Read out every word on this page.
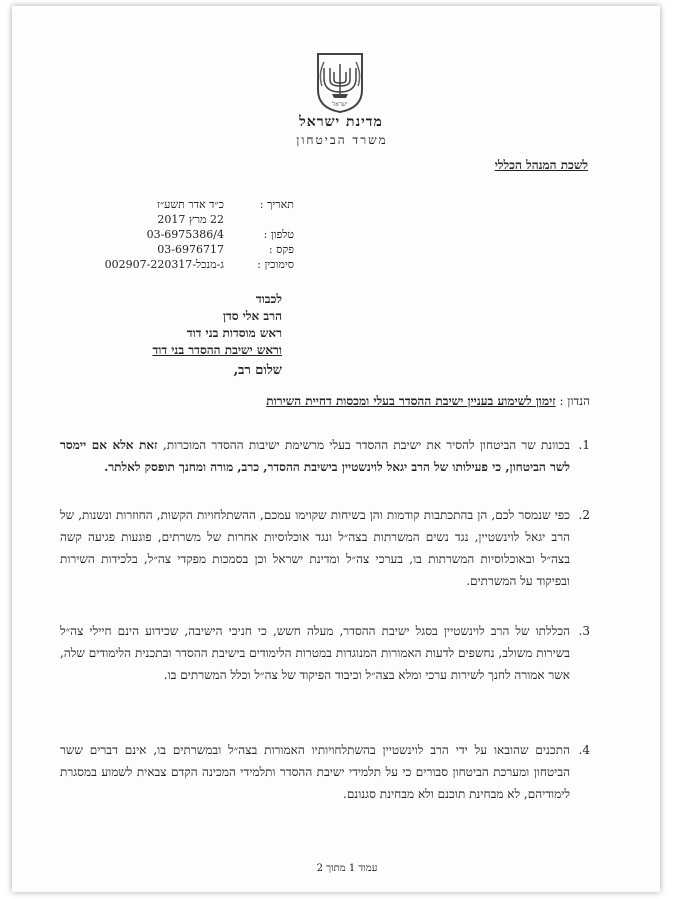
ישראל
מדינת ישראל
משרד הביטחון
לשכת המנהל הכללי
תאריך :
כ״ד אדר תשע״ז
22 מרץ 2017
טלפון :
03-6975386/4
פקס :
03-6976717
סימוכין :
ג-מנכל-002907-220317
לכבוד
הרב אלי סדן
ראש מוסדות בני דוד
וראש ישיבת ההסדר בני דוד
שלום רב,
הנדון : זימון לשימוע בעניין ישיבת ההסדר בעלי ומכסות דחיית השירות
1.
בכוונת שר הביטחון להסיר את ישיבת ההסדר בעלי מרשימת ישיבות ההסדר המוכרות, זאת אלא אם יימסר לשר הביטחון, כי פעילותו של הרב יגאל לוינשטיין בישיבת ההסדר, כרב, מורה ומחנך תופסק לאלתר.
2.
כפי שנמסר לכם, הן בהתכתבות קודמות והן בשיחות שקוימו עמכם, ההשתלחויות הקשות, החוזרות ונשנות, של הרב יגאל לוינשטיין, נגד נשים המשרתות בצה״ל ונגד אוכלוסיות אחרות של משרתים, פוגעות פגיעה קשה בצה״ל ובאוכלוסיות המשרתות בו, בערכי צה״ל ומדינת ישראל וכן בסמכות מפקדי צה״ל, בלכידות השירות ובפיקוד על המשרתים.
3.
הכללתו של הרב לוינשטיין בסגל ישיבת ההסדר, מעלה חשש, כי חניכי הישיבה, שכידוע הינם חיילי צה״ל בשירות משולב, נחשפים לדעות האמורות המנוגדות במטרות הלימודים בישיבת ההסדר ובתכנית הלימודים שלה, אשר אמורה לחנך לשירות ערכי ומלא בצה״ל וכיבוד הפיקוד של צה״ל וכלל המשרתים בו.
4.
התכנים שהובאו על ידי הרב לוינשטיין בהשתלחויותיו האמורות בצה״ל ובמשרתים בו, אינם דברים ששר הביטחון ומערכת הביטחון סבורים כי על תלמידי ישיבת ההסדר ותלמידי המכינה הקדם צבאית לשמוע במסגרת לימודיהם, לא מבחינת תוכנם ולא מבחינת סגנונם.
עמוד 1 מתוך 2
